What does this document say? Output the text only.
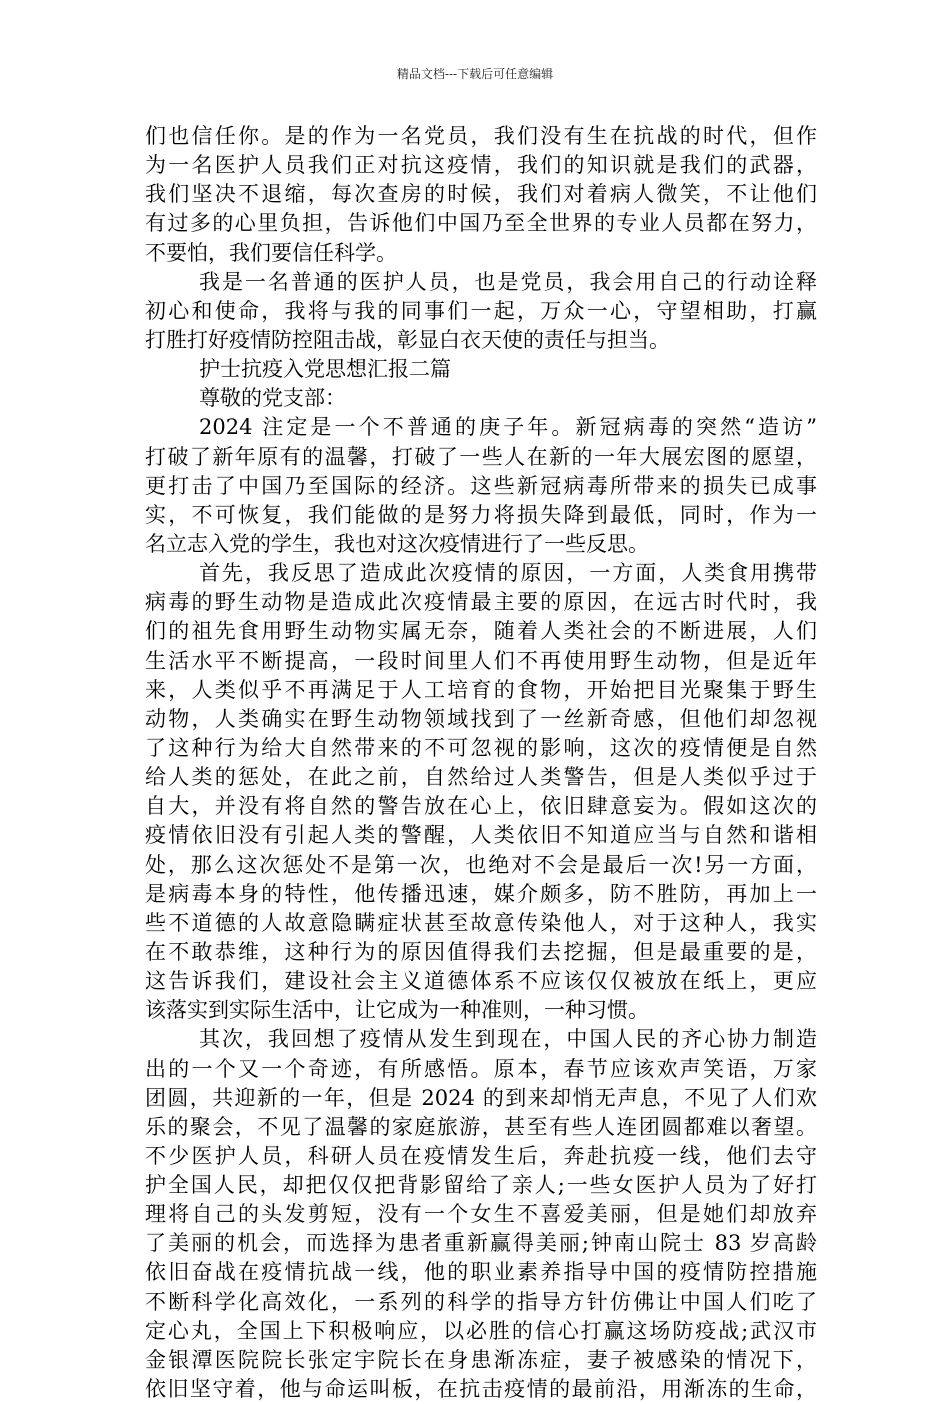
精品文档---下载后可任意编辑
们也信任你。是的作为一名党员，我们没有生在抗战的时代，但作
为一名医护人员我们正对抗这疫情，我们的知识就是我们的武器，
我们坚决不退缩，每次查房的时候，我们对着病人微笑，不让他们
有过多的心里负担，告诉他们中国乃至全世界的专业人员都在努力，
不要怕，我们要信任科学。
我是一名普通的医护人员，也是党员，我会用自己的行动诠释
初心和使命，我将与我的同事们一起，万众一心，守望相助，打赢
打胜打好疫情防控阻击战，彰显白衣天使的责任与担当。
护士抗疫入党思想汇报二篇
尊敬的党支部：
2024 注定是一个不普通的庚子年。新冠病毒的突然“造访”
打破了新年原有的温馨，打破了一些人在新的一年大展宏图的愿望，
更打击了中国乃至国际的经济。这些新冠病毒所带来的损失已成事
实，不可恢复，我们能做的是努力将损失降到最低，同时，作为一
名立志入党的学生，我也对这次疫情进行了一些反思。
首先，我反思了造成此次疫情的原因，一方面，人类食用携带
病毒的野生动物是造成此次疫情最主要的原因，在远古时代时，我
们的祖先食用野生动物实属无奈，随着人类社会的不断进展，人们
生活水平不断提高，一段时间里人们不再使用野生动物，但是近年
来，人类似乎不再满足于人工培育的食物，开始把目光聚集于野生
动物，人类确实在野生动物领域找到了一丝新奇感，但他们却忽视
了这种行为给大自然带来的不可忽视的影响，这次的疫情便是自然
给人类的惩处，在此之前，自然给过人类警告，但是人类似乎过于
自大，并没有将自然的警告放在心上，依旧肆意妄为。假如这次的
疫情依旧没有引起人类的警醒，人类依旧不知道应当与自然和谐相
处，那么这次惩处不是第一次，也绝对不会是最后一次!另一方面，
是病毒本身的特性，他传播迅速，媒介颇多，防不胜防，再加上一
些不道德的人故意隐瞒症状甚至故意传染他人，对于这种人，我实
在不敢恭维，这种行为的原因值得我们去挖掘，但是最重要的是，
这告诉我们，建设社会主义道德体系不应该仅仅被放在纸上，更应
该落实到实际生活中，让它成为一种准则，一种习惯。
其次，我回想了疫情从发生到现在，中国人民的齐心协力制造
出的一个又一个奇迹，有所感悟。原本，春节应该欢声笑语，万家
团圆，共迎新的一年，但是 2024 的到来却悄无声息，不见了人们欢
乐的聚会，不见了温馨的家庭旅游，甚至有些人连团圆都难以奢望。
不少医护人员，科研人员在疫情发生后，奔赴抗疫一线，他们去守
护全国人民，却把仅仅把背影留给了亲人;一些女医护人员为了好打
理将自己的头发剪短，没有一个女生不喜爱美丽，但是她们却放弃
了美丽的机会，而选择为患者重新赢得美丽;钟南山院士 83 岁高龄
依旧奋战在疫情抗战一线，他的职业素养指导中国的疫情防控措施
不断科学化高效化，一系列的科学的指导方针仿佛让中国人们吃了
定心丸，全国上下积极响应，以必胜的信心打赢这场防疫战;武汉市
金银潭医院院长张定宇院长在身患渐冻症，妻子被感染的情况下，
依旧坚守着，他与命运叫板，在抗击疫情的最前沿，用渐冻的生命，
